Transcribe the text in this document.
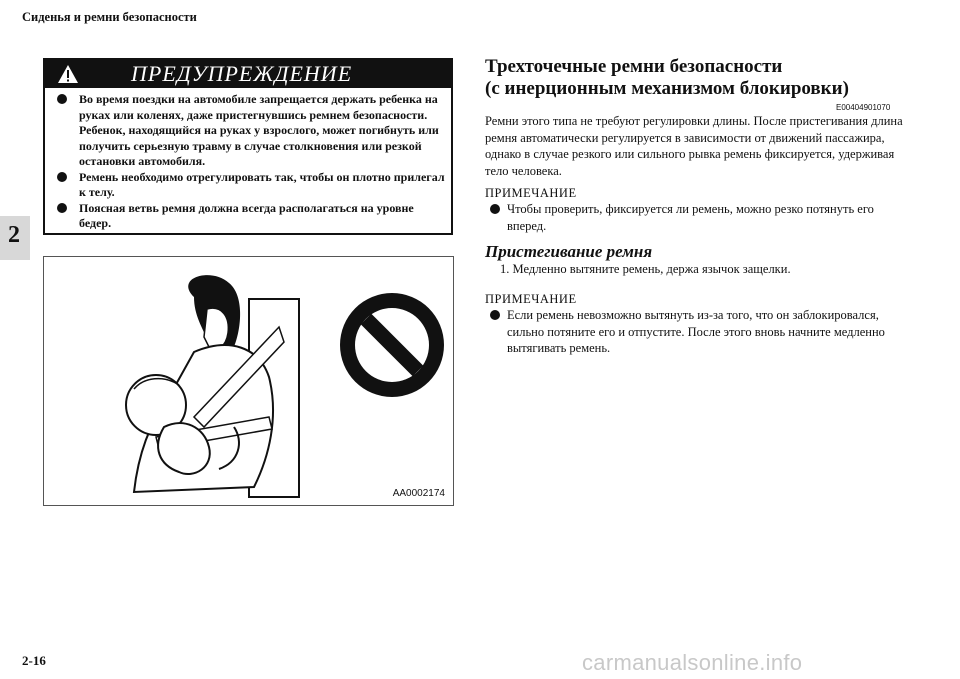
Сиденья и ремни безопасности
2
ПРЕДУПРЕЖДЕНИЕ
Во время поездки на автомобиле запрещается держать ребенка на руках или коленях, даже пристегнувшись ремнем безопасности. Ребенок, находящийся на руках у взрослого, может погибнуть или получить серьезную травму в случае столкновения или резкой остановки автомобиля.
Ремень необходимо отрегулировать так, чтобы он плотно прилегал к телу.
Поясная ветвь ремня должна всегда располагаться на уровне бедер.
AA0002174
Трехточечные ремни безопасности
(с инерционным механизмом блокировки)
E00404901070
Ремни этого типа не требуют регулировки длины. После пристегивания длина ремня автоматически регулируется в зависимости от движений пассажира, однако в случае резкого или сильного рывка ремень фиксируется, удерживая тело человека.
ПРИМЕЧАНИЕ
Чтобы проверить, фиксируется ли ремень, можно резко потянуть его вперед.
Пристегивание ремня
1. Медленно вытяните ремень, держа язычок защелки.
ПРИМЕЧАНИЕ
Если ремень невозможно вытянуть из-за того, что он заблокировался, сильно потяните его и отпустите. После этого вновь начните медленно вытягивать ремень.
2-16	carmanualsonline.info
